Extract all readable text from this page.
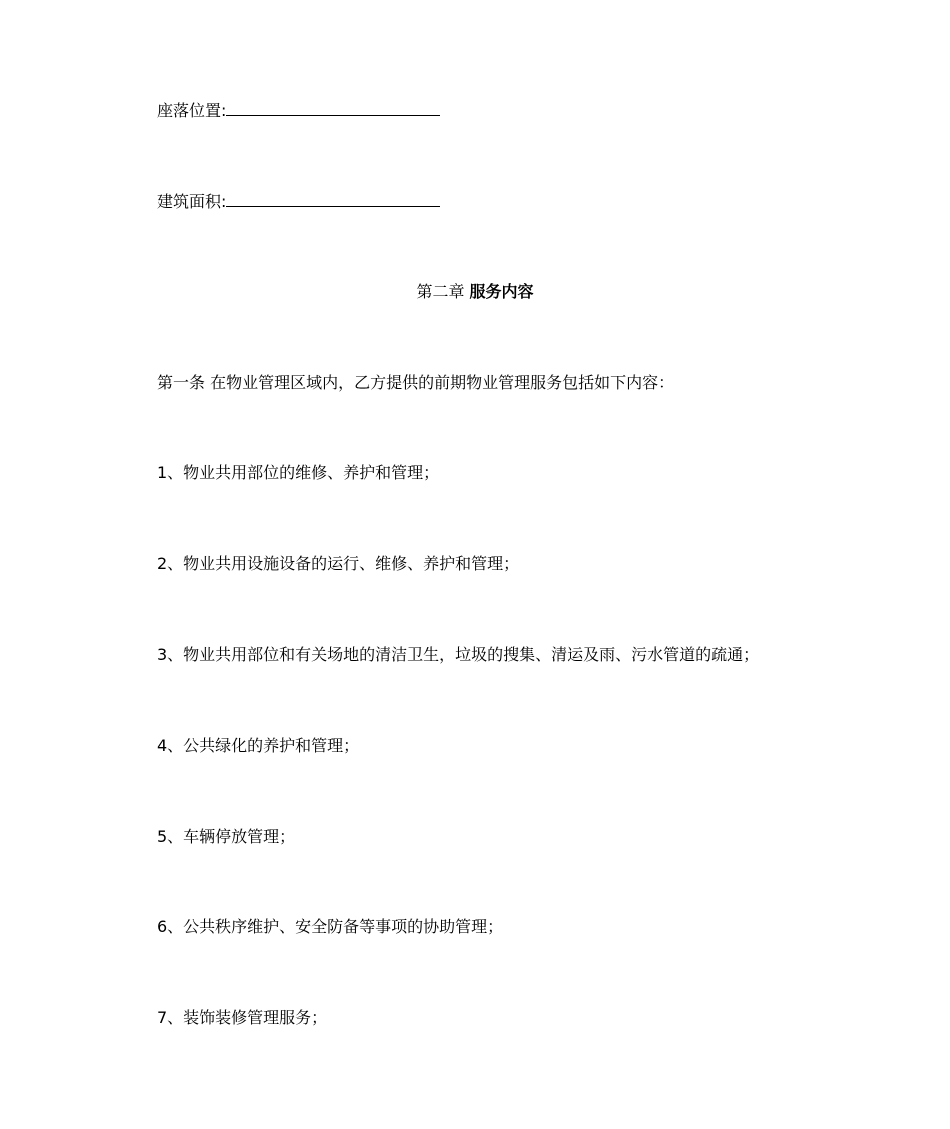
座落位置:
建筑面积:
第二章 服务内容
第一条 在物业管理区域内，乙方提供的前期物业管理服务包括如下内容：
1、物业共用部位的维修、养护和管理；
2、物业共用设施设备的运行、维修、养护和管理；
3、物业共用部位和有关场地的清洁卫生，垃圾的搜集、清运及雨、污水管道的疏通；
4、公共绿化的养护和管理；
5、车辆停放管理；
6、公共秩序维护、安全防备等事项的协助管理；
7、装饰装修管理服务；
